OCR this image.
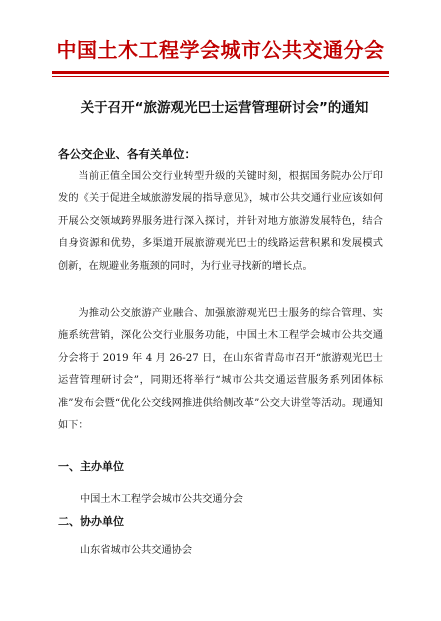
中国土木工程学会城市公共交通分会
关于召开“旅游观光巴士运营管理研讨会”的通知
各公交企业、各有关单位：
当前正值全国公交行业转型升级的关键时刻，根据国务院办公厅印发的《关于促进全域旅游发展的指导意见》，城市公共交通行业应该如何开展公交领域跨界服务进行深入探讨，并针对地方旅游发展特色，结合自身资源和优势，多渠道开展旅游观光巴士的线路运营积累和发展模式创新，在规避业务瓶颈的同时，为行业寻找新的增长点。
为推动公交旅游产业融合、加强旅游观光巴士服务的综合管理、实施系统营销，深化公交行业服务功能，中国土木工程学会城市公共交通分会将于 2019 年 4 月 26-27 日，在山东省青岛市召开“旅游观光巴士运营管理研讨会”，同期还将举行“城市公共交通运营服务系列团体标准”发布会暨“优化公交线网推进供给侧改革”公交大讲堂等活动。现通知如下：
一、主办单位
中国土木工程学会城市公共交通分会
二、协办单位
山东省城市公共交通协会
